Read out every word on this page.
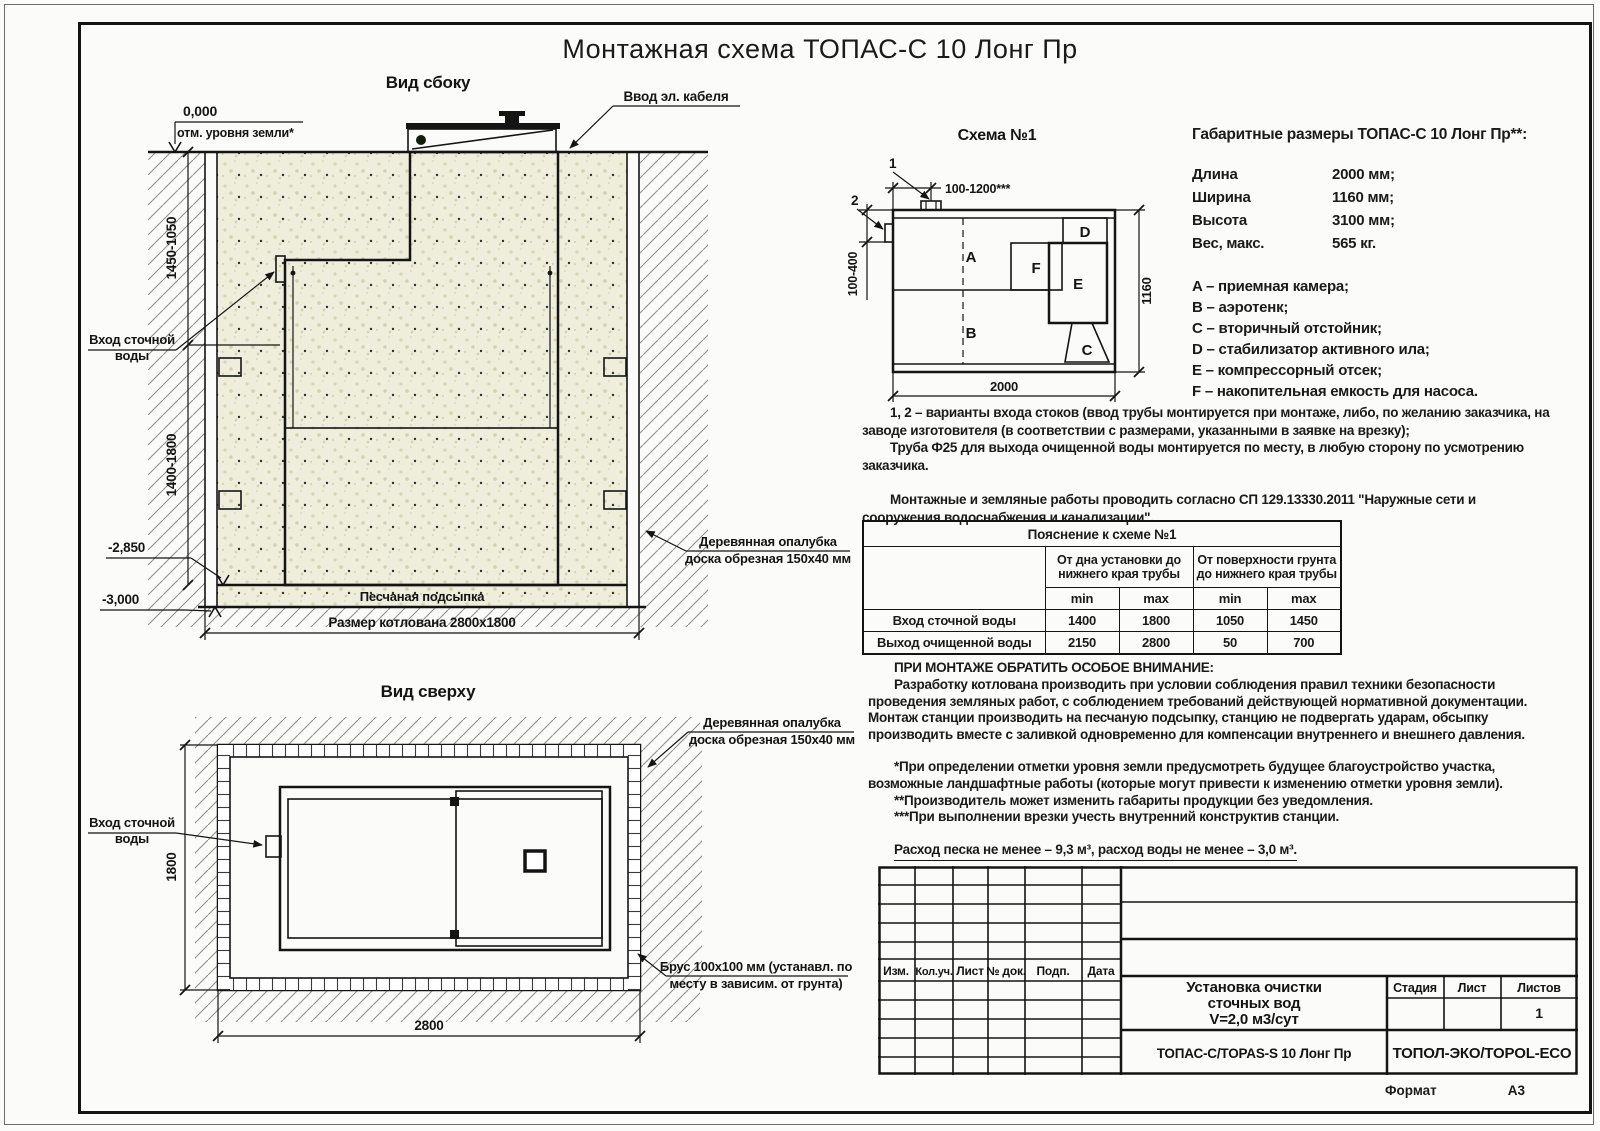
Монтажная схема ТОПАС-С 10 Лонг Пр
Вид сбоку
Песчаная подсыпка
Ввод эл. кабеля
0,000
отм. уровня земли*
1450-1050
1400-1800
Вход сточной
воды
-2,850
-3,000
Размер котлована 2800х1800
Деревянная опалубка
доска обрезная 150х40 мм
Вид сверху
Вход сточной
воды
1800
2800
Деревянная опалубка
доска обрезная 150х40 мм
Брус 100х100 мм (устанавл. по
месту в зависим. от грунта)
Схема №1
A
B
F
D
E
C
1
100-1200***
2
100-400	1160
2000
Габаритные размеры ТОПАС-С 10 Лонг Пр**:
Длина	2000 мм;
Ширина	1160 мм;
Высота	3100 мм;
Вес, макс.	565 кг.
A – приемная камера;
B – аэротенк;
C – вторичный отстойник;
D – стабилизатор активного ила;
E – компрессорный отсек;
F – накопительная емкость для насоса.

1, 2 – варианты входа стоков (ввод трубы монтируется при монтаже, либо, по желанию заказчика, на заводе изготовителя (в соответствии с размерами, указанными в заявке на врезку);

Труба Ф25 для выхода очищенной воды монтируется по месту, в любую сторону по усмотрению заказчика.

Монтажные и земляные работы проводить согласно СП 129.13330.2011 "Наружные сети и сооружения водоснабжения и канализации".

Пояснение к схеме №1				
	От дна установки до нижнего края трубы		От поверхности грунта до нижнего края трубы	
	min	max	min	max
Вход сточной воды	1400	1800	1050	1450
Выход очищенной воды	2150	2800	50	700

ПРИ МОНТАЖЕ ОБРАТИТЬ ОСОБОЕ ВНИМАНИЕ:

Разработку котлована производить при условии соблюдения правил техники безопасности проведения земляных работ, с соблюдением требований действующей нормативной документации. Монтаж станции производить на песчаную подсыпку, станцию не подвергать ударам, обсыпку производить вместе с заливкой одновременно для компенсации внутреннего и внешнего давления.

*При определении отметки уровня земли предусмотреть будущее благоустройство участка, возможные ландшафтные работы (которые могут привести к изменению отметки уровня земли).

**Производитель может изменить габариты продукции без уведомления.

***При выполнении врезки учесть внутренний конструктив станции.

Расход песка не менее – 9,3 м³, расход воды не менее – 3,0 м³.
Изм. Кол.уч. Лист № док. Подп. Дата
Установка очистки
сточных вод
V=2,0 м3/сут
Стадия Лист Листов
1
ТОПАС-С/TOPAS-S 10 Лонг Пр	ТОПОЛ-ЭКО/TOPOL-ECO
Формат	А3
